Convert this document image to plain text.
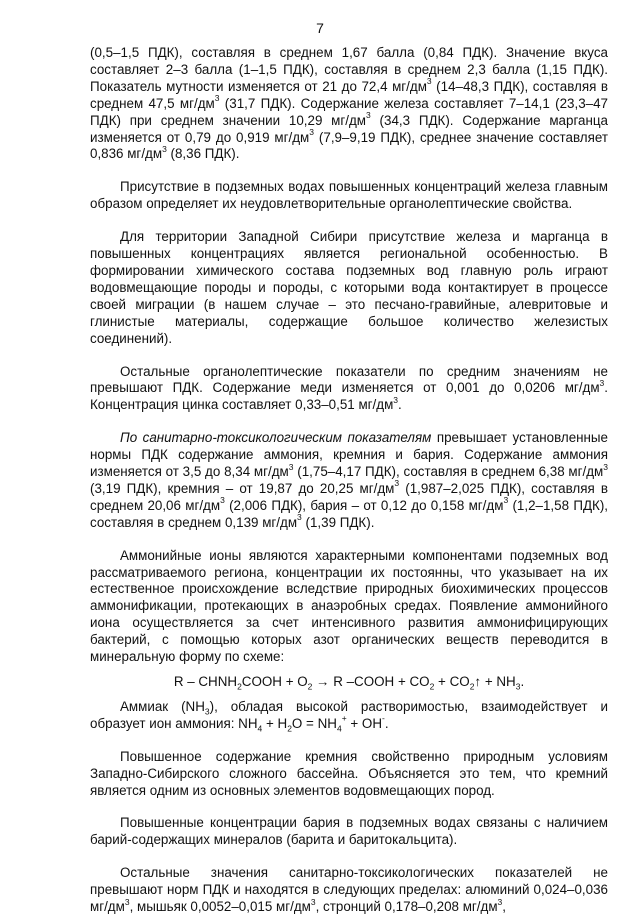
7

(0,5–1,5 ПДК), составляя в среднем 1,67 балла (0,84 ПДК). Значение вкуса составляет 2–3 балла (1–1,5 ПДК), составляя в среднем 2,3 балла (1,15 ПДК). Показатель мутности изменяется от 21 до 72,4 $мг/дм^3$ (14–48,3 ПДК), составляя в среднем 47,5 $мг/дм^3$ (31,7 ПДК). Содержание железа составляет 7–14,1 (23,3–47 ПДК) при среднем значении 10,29 $мг/дм^3$ (34,3 ПДК). Содержание марганца изменяется от 0,79 до 0,919 $мг/дм^3$ (7,9–9,19 ПДК), среднее значение составляет 0,836 $мг/дм^3$ (8,36 ПДК).

Присутствие в подземных водах повышенных концентраций железа главным образом определяет их неудовлетворительные органолептические свойства.

Для территории Западной Сибири присутствие железа и марганца в повышенных концентрациях является региональной особенностью. В формировании химического состава подземных вод главную роль играют водовмещающие породы и породы, с которыми вода контактирует в процессе своей миграции (в нашем случае – это песчано-гравийные, алевритовые и глинистые материалы, содержащие большое количество железистых соединений).

Остальные органолептические показатели по средним значениям не превышают ПДК. Содержание меди изменяется от 0,001 до 0,0206 $мг/дм^3$. Концентрация цинка составляет 0,33–0,51 $мг/дм^3$.

По санитарно-токсикологическим показателям превышает установленные нормы ПДК содержание аммония, кремния и бария. Содержание аммония изменяется от 3,5 до 8,34 $мг/дм^3$ (1,75–4,17 ПДК), составляя в среднем 6,38 $мг/дм^3$ (3,19 ПДК), кремния – от 19,87 до 20,25 $мг/дм^3$ (1,987–2,025 ПДК), составляя в среднем 20,06 $мг/дм^3$ (2,006 ПДК), бария – от 0,12 до 0,158 $мг/дм^3$ (1,2–1,58 ПДК), составляя в среднем 0,139 $мг/дм^3$ (1,39 ПДК).

Аммонийные ионы являются характерными компонентами подземных вод рассматриваемого региона, концентрации их постоянны, что указывает на их естественное происхождение вследствие природных биохимических процессов аммонификации, протекающих в анаэробных средах. Появление аммонийного иона осуществляется за счет интенсивного развития аммонифицирующих бактерий, с помощью которых азот органических веществ переводится в минеральную форму по схеме:

$R - CHNH_2COOH + O_2 \to R$ –COOH + $CO_2$ + $CO_2↑ + NH_3$.

Аммиак $(NH_3)$, обладая высокой растворимостью, взаимодействует и образует ион аммония: $NH_4 + H_2O = NH_4^+ + OH^-$.

Повышенное содержание кремния свойственно природным условиям Западно-Сибирского сложного бассейна. Объясняется это тем, что кремний является одним из основных элементов водовмещающих пород.

Повышенные концентрации бария в подземных водах связаны с наличием барий-содержащих минералов (барита и баритокальцита).

Остальные значения санитарно-токсикологических показателей не превышают норм ПДК и находятся в следующих пределах: алюминий 0,024–0,036 $мг/дм^3$, мышьяк 0,0052–0,015 $мг/дм^3$, стронций 0,178–0,208 $мг/дм^3$,
